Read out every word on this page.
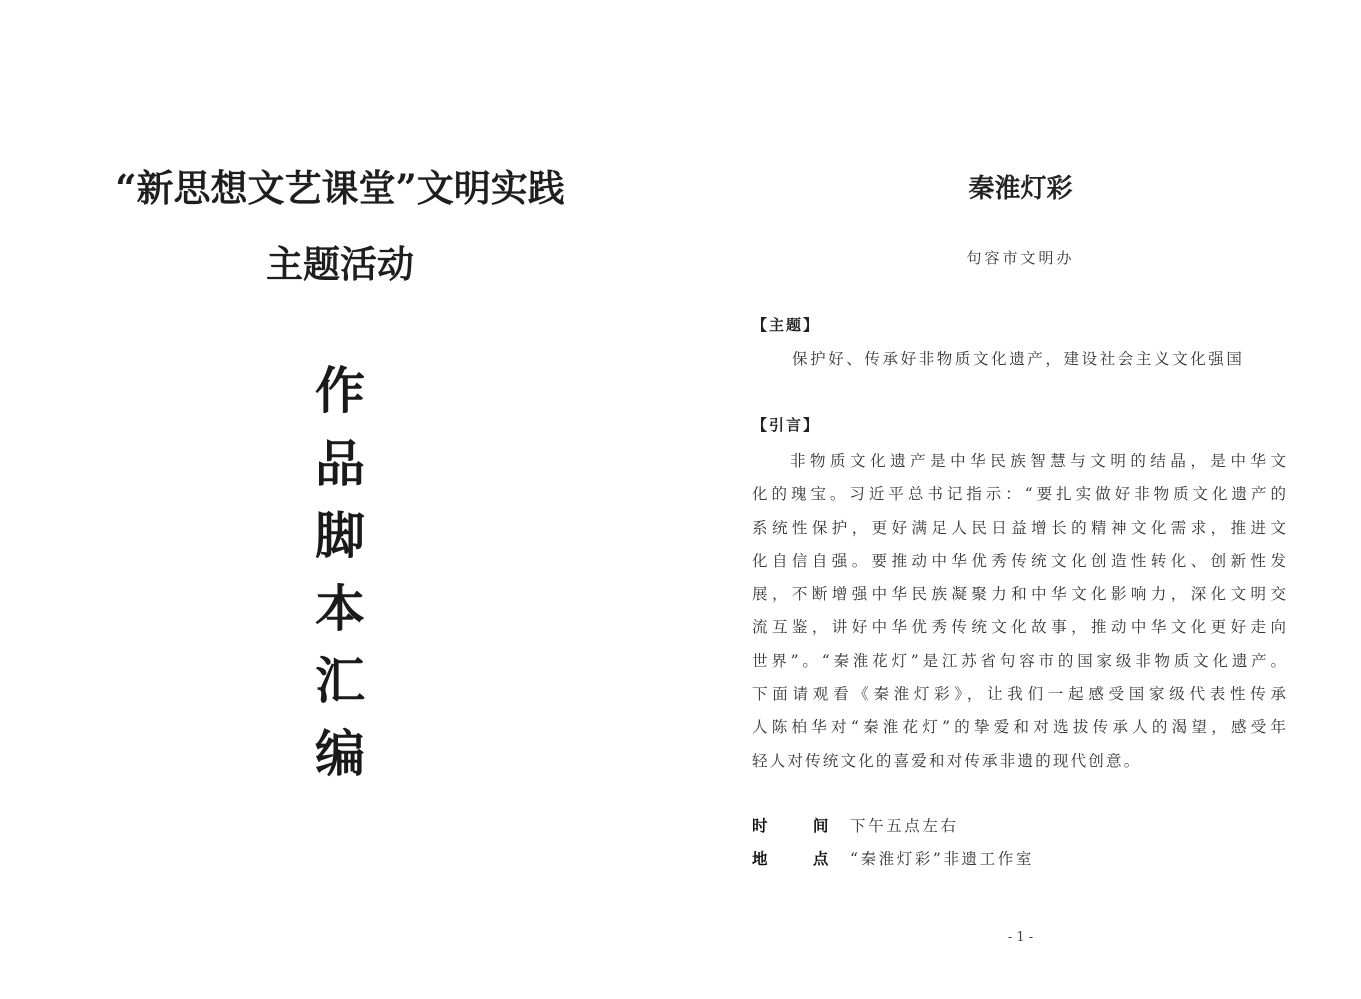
“新思想文艺课堂”文明实践
主题活动
作
品
脚
本
汇
编
秦淮灯彩
句容市文明办
【主题】
保护好、传承好非物质文化遗产，建设社会主义文化强国
【引言】
非物质文化遗产是中华民族智慧与文明的结晶，是中华文
化的瑰宝。习近平总书记指示：“要扎实做好非物质文化遗产的
系统性保护，更好满足人民日益增长的精神文化需求，推进文
化自信自强。要推动中华优秀传统文化创造性转化、创新性发
展，不断增强中华民族凝聚力和中华文化影响力，深化文明交
流互鉴，讲好中华优秀传统文化故事，推动中华文化更好走向
世界”。“秦淮花灯”是江苏省句容市的国家级非物质文化遗产。
下面请观看《秦淮灯彩》，让我们一起感受国家级代表性传承
人陈柏华对“秦淮花灯”的挚爱和对选拔传承人的渴望，感受年
轻人对传统文化的喜爱和对传承非遗的现代创意。
时 间 下午五点左右
地 点 “秦淮灯彩”非遗工作室
- 1 -
